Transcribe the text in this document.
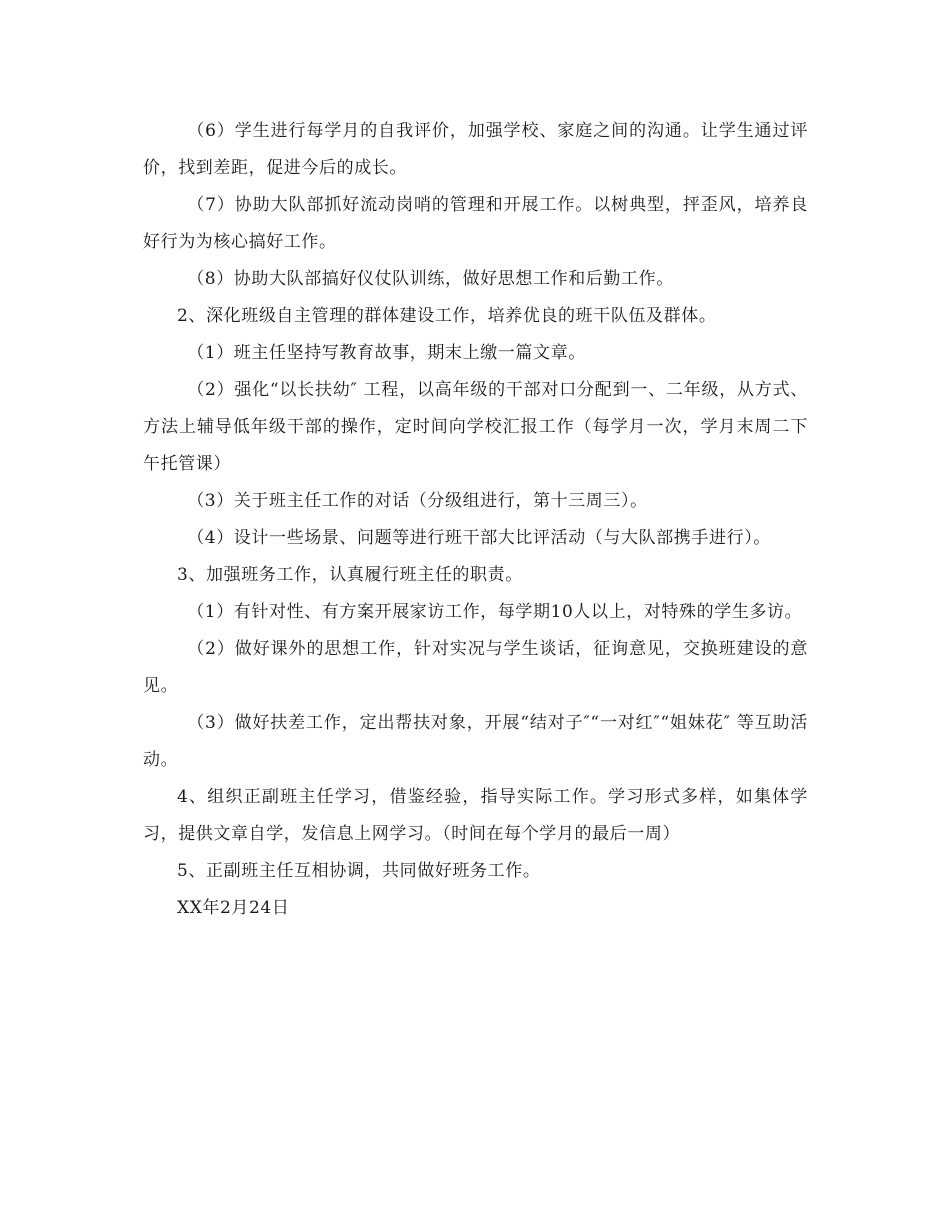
（6）学生进行每学月的自我评价，加强学校、家庭之间的沟通。让学生通过评价，找到差距，促进今后的成长。

（7）协助大队部抓好流动岗哨的管理和开展工作。以树典型，抨歪风，培养良好行为为核心搞好工作。

（8）协助大队部搞好仪仗队训练，做好思想工作和后勤工作。

2、深化班级自主管理的群体建设工作，培养优良的班干队伍及群体。

（1）班主任坚持写教育故事，期末上缴一篇文章。

（2）强化“以长扶幼″ 工程，以高年级的干部对口分配到一、二年级，从方式、方法上辅导低年级干部的操作，定时间向学校汇报工作（每学月一次，学月末周二下午托管课）

（3）关于班主任工作的对话（分级组进行，第十三周三）。

（4）设计一些场景、问题等进行班干部大比评活动（与大队部携手进行）。

3、加强班务工作，认真履行班主任的职责。

（1）有针对性、有方案开展家访工作，每学期10人以上，对特殊的学生多访。

（2）做好课外的思想工作，针对实况与学生谈话，征询意见，交换班建设的意见。

（3）做好扶差工作，定出帮扶对象，开展“结对子″“一对红″“姐妹花″ 等互助活动。

4、组织正副班主任学习，借鉴经验，指导实际工作。学习形式多样，如集体学习，提供文章自学，发信息上网学习。（时间在每个学月的最后一周）

5、正副班主任互相协调，共同做好班务工作。

XX年2月24日
